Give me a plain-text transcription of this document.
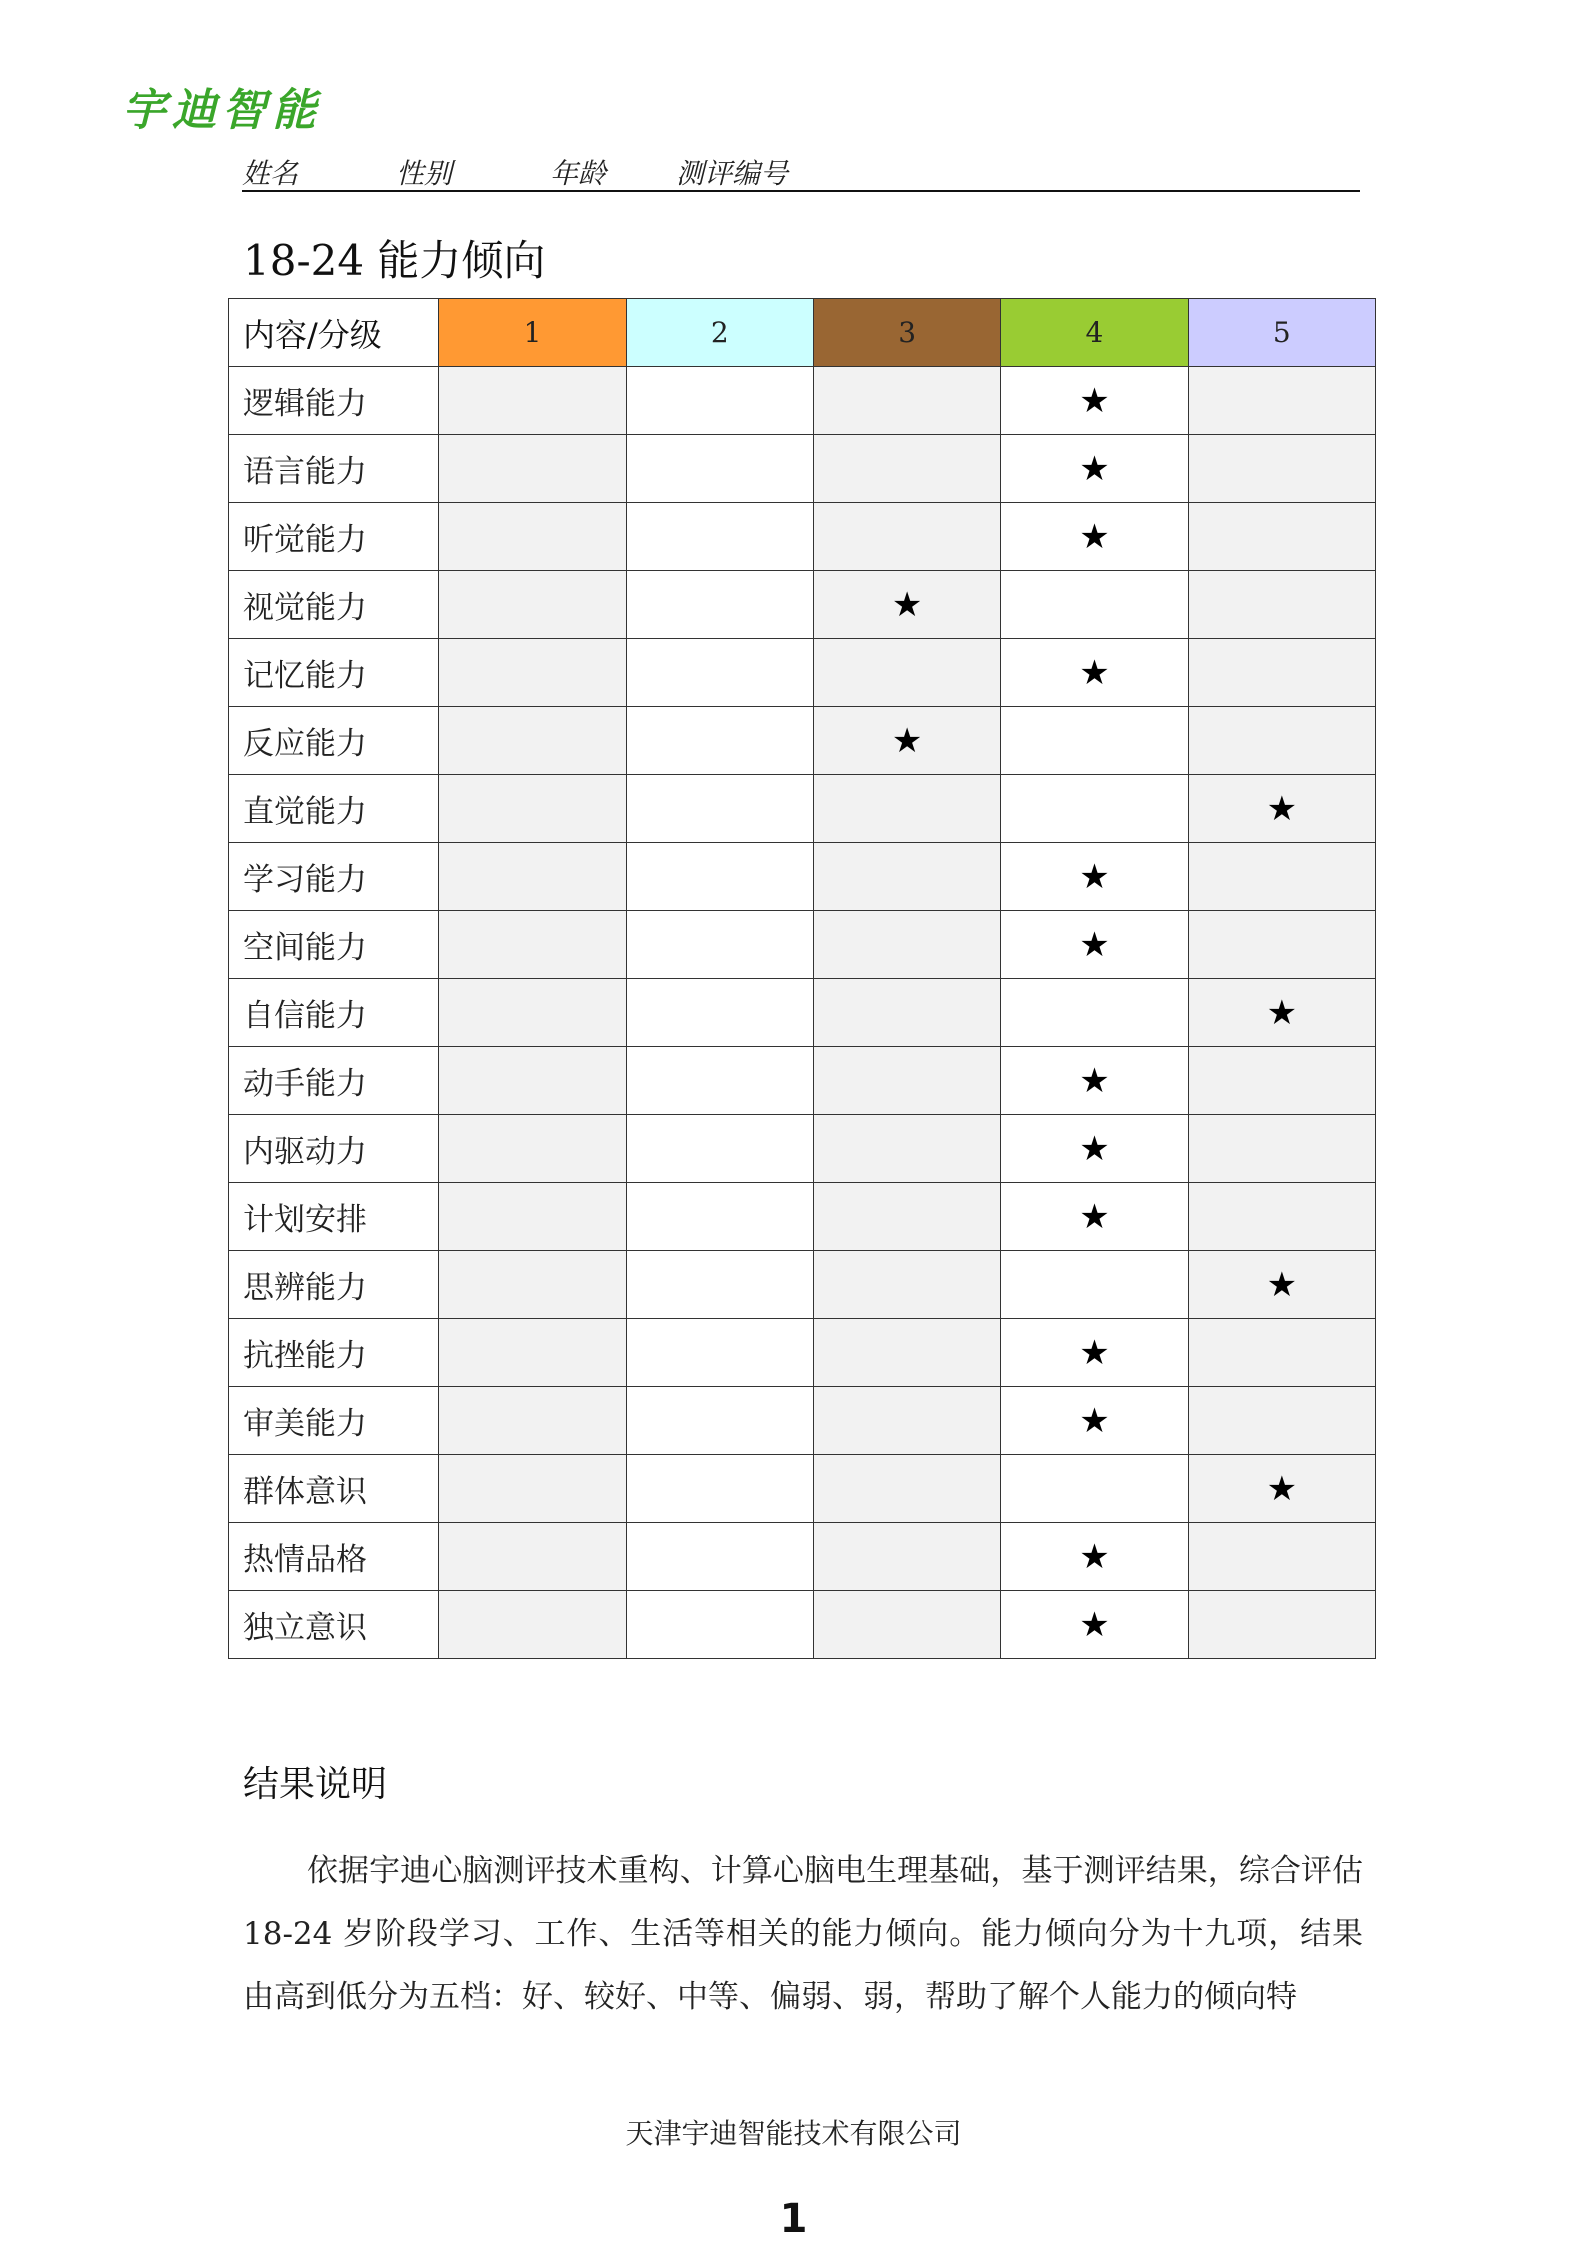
宇迪智能
姓名	性别	年龄 测评编号
18-24 能力倾向
内容/分级	1	2	3	4	5
逻辑能力				★	
语言能力				★	
听觉能力				★	
视觉能力			★		
记忆能力				★	
反应能力			★		
直觉能力					★
学习能力				★	
空间能力				★	
自信能力					★
动手能力				★	
内驱动力				★	
计划安排				★	
思辨能力					★
抗挫能力				★	
审美能力				★	
群体意识					★
热情品格				★	
独立意识				★	
结果说明
依据宇迪心脑测评技术重构、计算心脑电生理基础，基于测评结果，综合评估 18-24 岁阶段学习、工作、生活等相关的能力倾向。能力倾向分为十九项，结果由高到低分为五档：好、较好、中等、偏弱、弱，帮助了解个人能力的倾向特
天津宇迪智能技术有限公司
1
